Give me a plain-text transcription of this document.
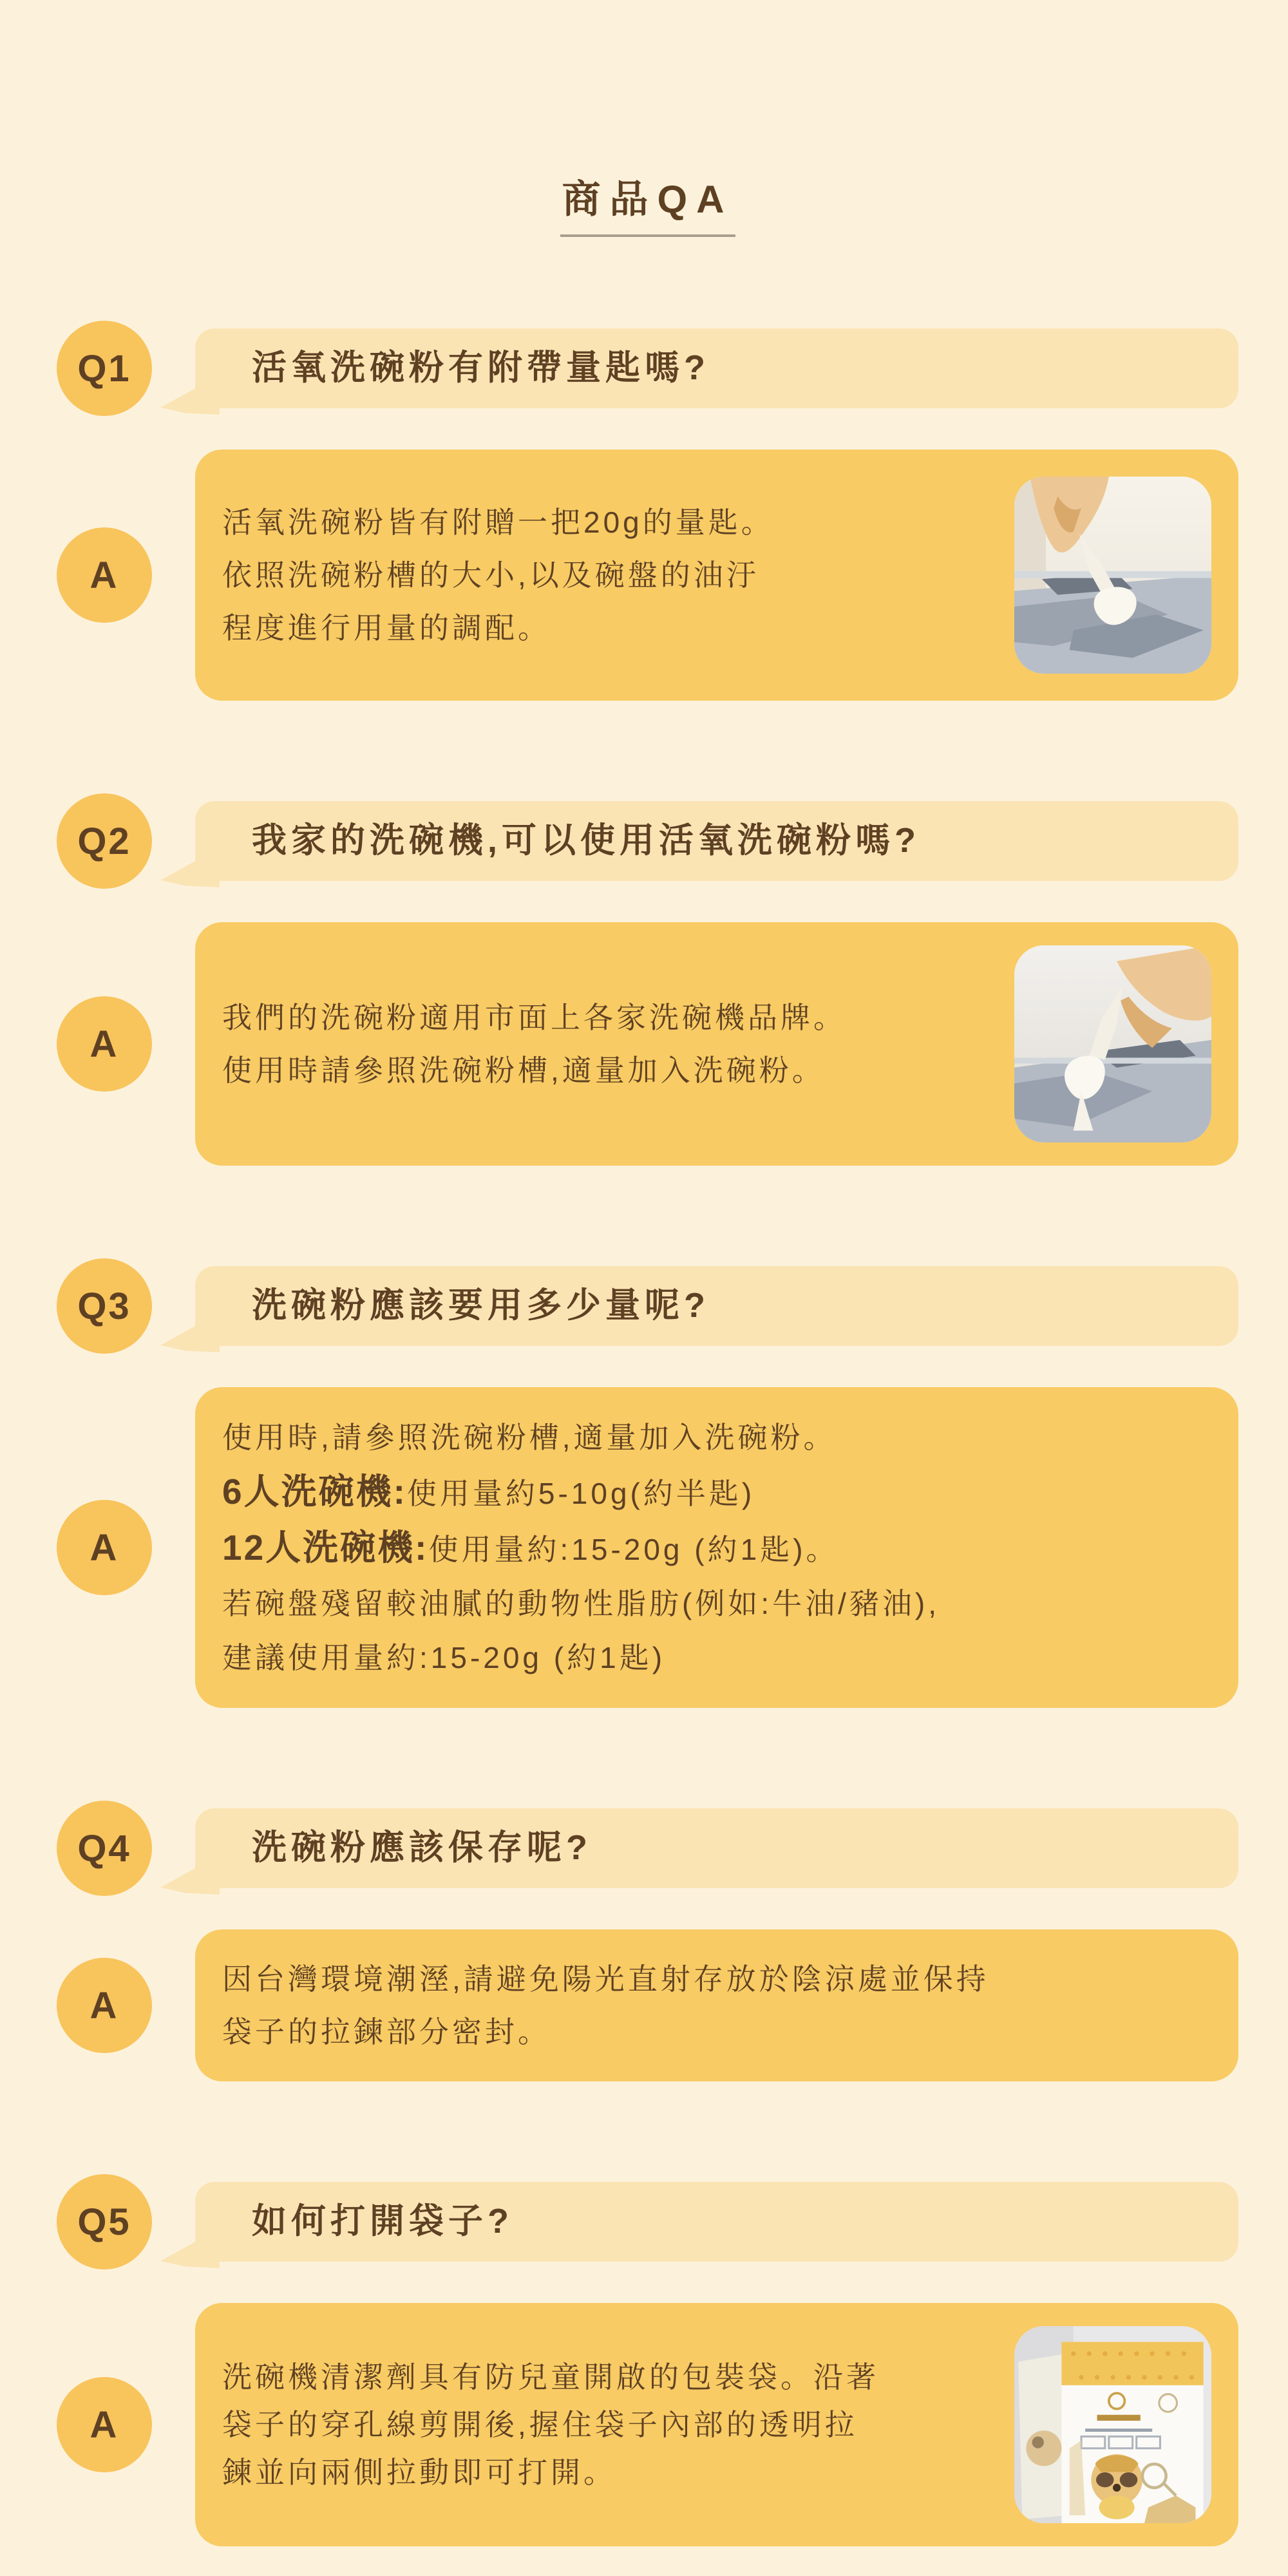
商品QA
Q1	活氧洗碗粉有附帶量匙嗎?
A
活氧洗碗粉皆有附贈一把20g的量匙。
依照洗碗粉槽的大小,以及碗盤的油汙
程度進行用量的調配。
Q2	我家的洗碗機,可以使用活氧洗碗粉嗎?
A
我們的洗碗粉適用市面上各家洗碗機品牌。
使用時請參照洗碗粉槽,適量加入洗碗粉。
Q3	洗碗粉應該要用多少量呢?
A
使用時,請參照洗碗粉槽,適量加入洗碗粉。
6人洗碗機:使用量約5-10g(約半匙)
12人洗碗機:使用量約:15-20g (約1匙)。
若碗盤殘留較油膩的動物性脂肪(例如:牛油/豬油),
建議使用量約:15-20g (約1匙)
Q4	洗碗粉應該保存呢?
A
因台灣環境潮溼,請避免陽光直射存放於陰涼處並保持
袋子的拉鍊部分密封。
Q5	如何打開袋子?
A
洗碗機清潔劑具有防兒童開啟的包裝袋。沿著
袋子的穿孔線剪開後,握住袋子內部的透明拉
鍊並向兩側拉動即可打開。
